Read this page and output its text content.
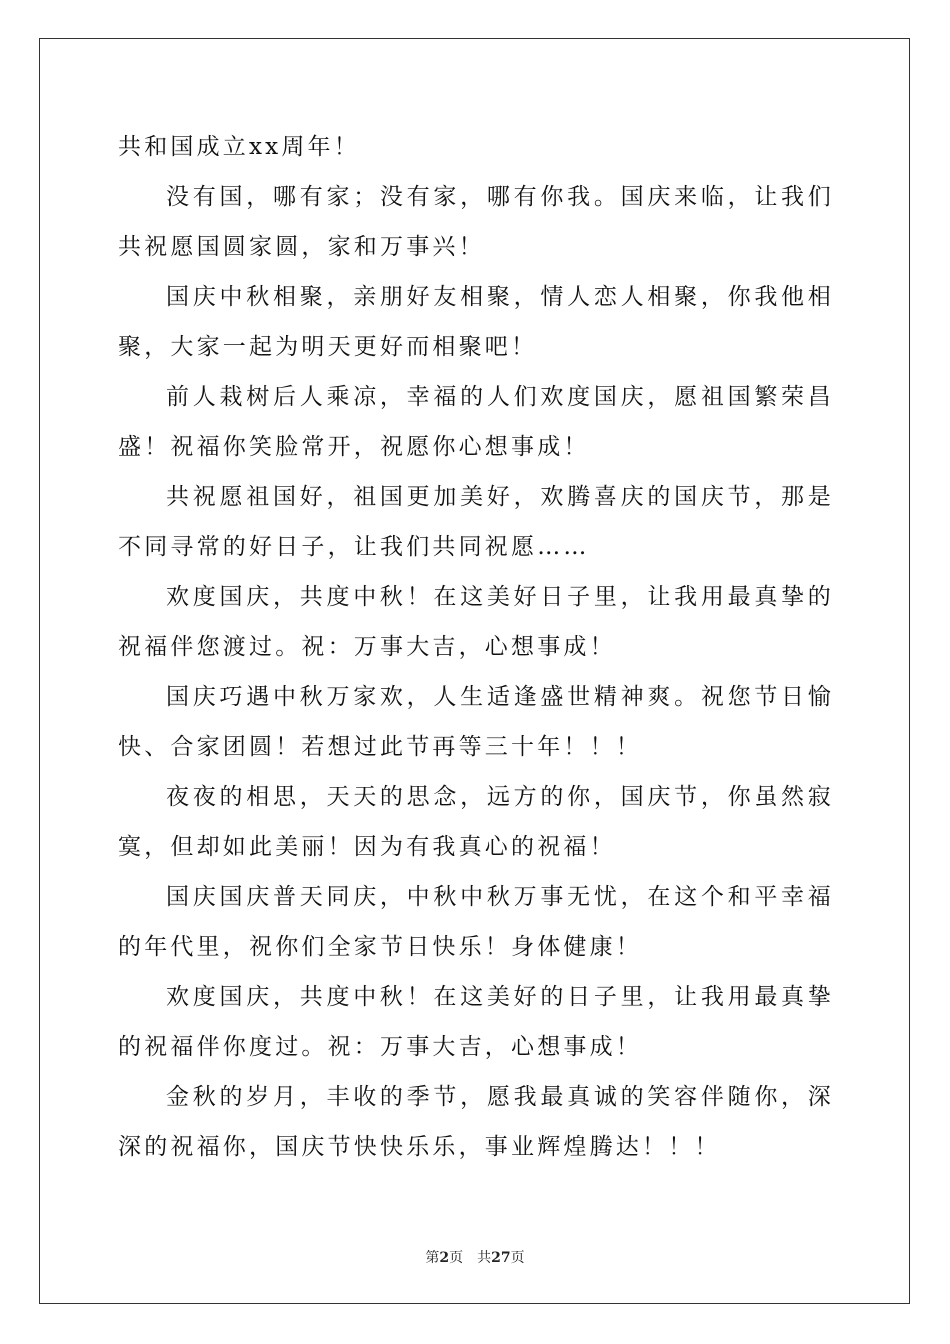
共和国成立xx周年！

没有国，哪有家；没有家，哪有你我。国庆来临，让我们共祝愿国圆家圆，家和万事兴！

国庆中秋相聚，亲朋好友相聚，情人恋人相聚，你我他相聚，大家一起为明天更好而相聚吧！

前人栽树后人乘凉，幸福的人们欢度国庆，愿祖国繁荣昌盛！祝福你笑脸常开，祝愿你心想事成！

共祝愿祖国好，祖国更加美好，欢腾喜庆的国庆节，那是不同寻常的好日子，让我们共同祝愿……

欢度国庆，共度中秋！在这美好日子里，让我用最真挚的祝福伴您渡过。祝：万事大吉，心想事成！

国庆巧遇中秋万家欢，人生适逢盛世精神爽。祝您节日愉快、合家团圆！若想过此节再等三十年！！！

夜夜的相思，天天的思念，远方的你，国庆节，你虽然寂寞，但却如此美丽！因为有我真心的祝福！

国庆国庆普天同庆，中秋中秋万事无忧，在这个和平幸福的年代里，祝你们全家节日快乐！身体健康！

欢度国庆，共度中秋！在这美好的日子里，让我用最真挚的祝福伴你度过。祝：万事大吉，心想事成！

金秋的岁月，丰收的季节，愿我最真诚的笑容伴随你，深深的祝福你，国庆节快快乐乐，事业辉煌腾达！！！

第2页 共27页
